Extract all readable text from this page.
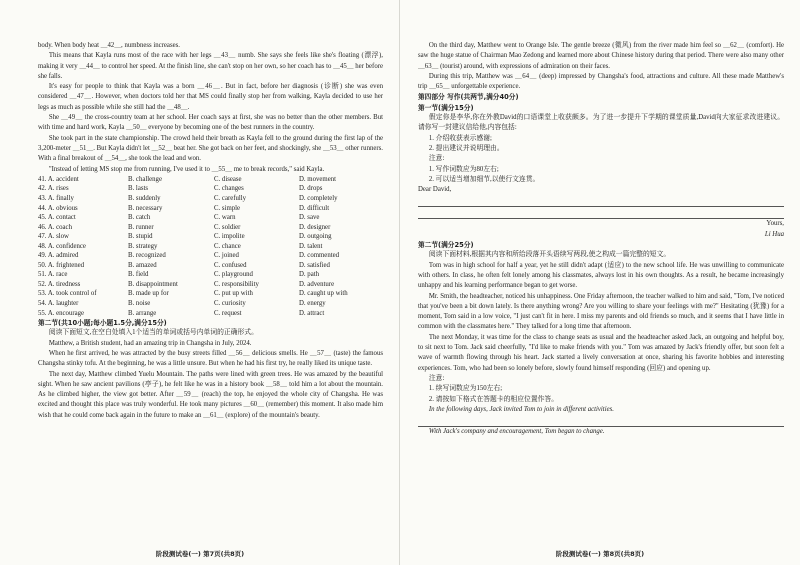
body. When body heat ＿42＿, numbness increases.

This means that Kayla runs most of the race with her legs ＿43＿ numb. She says she feels like she's floating (漂浮), making it very ＿44＿ to control her speed. At the finish line, she can't stop on her own, so her coach has to ＿45＿ her before she falls.

It's easy for people to think that Kayla was a born ＿46＿. But in fact, before her diagnosis (诊断) she was even considered ＿47＿. However, when doctors told her that MS could finally stop her from walking, Kayla decided to use her legs as much as possible while she still had the ＿48＿.

She ＿49＿ the cross-country team at her school. Her coach says at first, she was no better than the other members. But with time and hard work, Kayla ＿50＿ everyone by becoming one of the best runners in the country.

She took part in the state championship. The crowd held their breath as Kayla fell to the ground during the first lap of the 3,200-meter ＿51＿. But Kayla didn't let ＿52＿ beat her. She got back on her feet, and shockingly, she ＿53＿ other runners. With a final breakout of ＿54＿, she took the lead and won.

"Instead of letting MS stop me from running, I've used it to ＿55＿ me to break records," said Kayla.

41. A. accident	B. challenge	C. disease	D. movement
42. A. rises	B. lasts	C. changes	D. drops
43. A. finally	B. suddenly	C. carefully	D. completely
44. A. obvious	B. necessary	C. simple	D. difficult
45. A. contact	B. catch	C. warn	D. save
46. A. coach	B. runner	C. soldier	D. designer
47. A. slow	B. stupid	C. impolite	D. outgoing
48. A. confidence	B. strategy	C. chance	D. talent
49. A. admired	B. recognized	C. joined	D. commented
50. A. frightened	B. amazed	C. confused	D. satisfied
51. A. race	B. field	C. playground	D. path
52. A. tiredness	B. disappointment	C. responsibility	D. adventure
53. A. took control of	B. made up for	C. put up with	D. caught up with
54. A. laughter	B. noise	C. curiosity	D. energy
55. A. encourage	B. arrange	C. request	D. attract

第二节(共10小题;每小题1.5分,满分15分)

阅读下面短文,在空白处填入1个适当的单词或括号内单词的正确形式。

Matthew, a British student, had an amazing trip in Changsha in July, 2024.

When he first arrived, he was attracted by the busy streets filled ＿56＿ delicious smells. He ＿57＿ (taste) the famous Changsha stinky tofu. At the beginning, he was a little unsure. But when he had his first try, he really liked its unique taste.

The next day, Matthew climbed Yuelu Mountain. The paths were lined with green trees. He was amazed by the beautiful sight. When he saw ancient pavilions (亭子), he felt like he was in a history book ＿58＿ told him a lot about the mountain. As he climbed higher, the view got better. After ＿59＿ (reach) the top, he enjoyed the whole city of Changsha. He was excited and thought this place was truly wonderful. He took many pictures ＿60＿ (remember) this moment. It also made him wish that he could come back again in the future to make an ＿61＿ (explore) of the mountain's beauty.

阶段测试卷(一) 第7页(共8页)

On the third day, Matthew went to Orange Isle. The gentle breeze (微风) from the river made him feel so ＿62＿ (comfort). He saw the huge statue of Chairman Mao Zedong and learned more about Chinese history during that period. There were also many other ＿63＿ (tourist) around, with expressions of admiration on their faces.

During this trip, Matthew was ＿64＿ (deep) impressed by Changsha's food, attractions and culture. All these made Matthew's trip ＿65＿ unforgettable experience.

第四部分 写作(共两节,满分40分)

第一节(满分15分)

假定你是李华,你在外教David的口语课堂上收获颇多。为了进一步提升下学期的课堂质量,David向大家征求改进建议。请你写一封建议信给他,内容包括:

1. 介绍收获表示感谢;

2. 提出建议并说明理由。

注意:

1. 写作词数应为80左右;

2. 可以适当增加细节,以使行文连贯。

Dear David,

Yours,

Li Hua

第二节(满分25分)

阅读下面材料,根据其内容和所给段落开头语续写两段,使之构成一篇完整的短文。

Tom was in high school for half a year, yet he still didn't adapt (适应) to the new school life. He was unwilling to communicate with others. In class, he often felt lonely among his classmates, always lost in his own thoughts. As a result, he became increasingly unhappy and his learning performance began to get worse.

Mr. Smith, the headteacher, noticed his unhappiness. One Friday afternoon, the teacher walked to him and said, "Tom, I've noticed that you've been a bit down lately. Is there anything wrong? Are you willing to share your feelings with me?" Hesitating (犹豫) for a moment, Tom said in a low voice, "I just can't fit in here. I miss my parents and old friends so much, and it seems that I have little in common with the classmates here." They talked for a long time that afternoon.

The next Monday, it was time for the class to change seats as usual and the headteacher asked Jack, an outgoing and helpful boy, to sit next to Tom. Jack said cheerfully, "I'd like to make friends with you." Tom was amazed by Jack's friendly offer, but soon felt a wave of warmth flowing through his heart. Jack started a lively conversation at once, sharing his favorite hobbies and interesting experiences. Tom, who had been so lonely before, slowly found himself responding (回应) and opening up.

注意:

1. 续写词数应为150左右;

2. 请按如下格式在答题卡的相应位置作答。

In the following days, Jack invited Tom to join in different activities.

With Jack's company and encouragement, Tom began to change.

阶段测试卷(一) 第8页(共8页)
